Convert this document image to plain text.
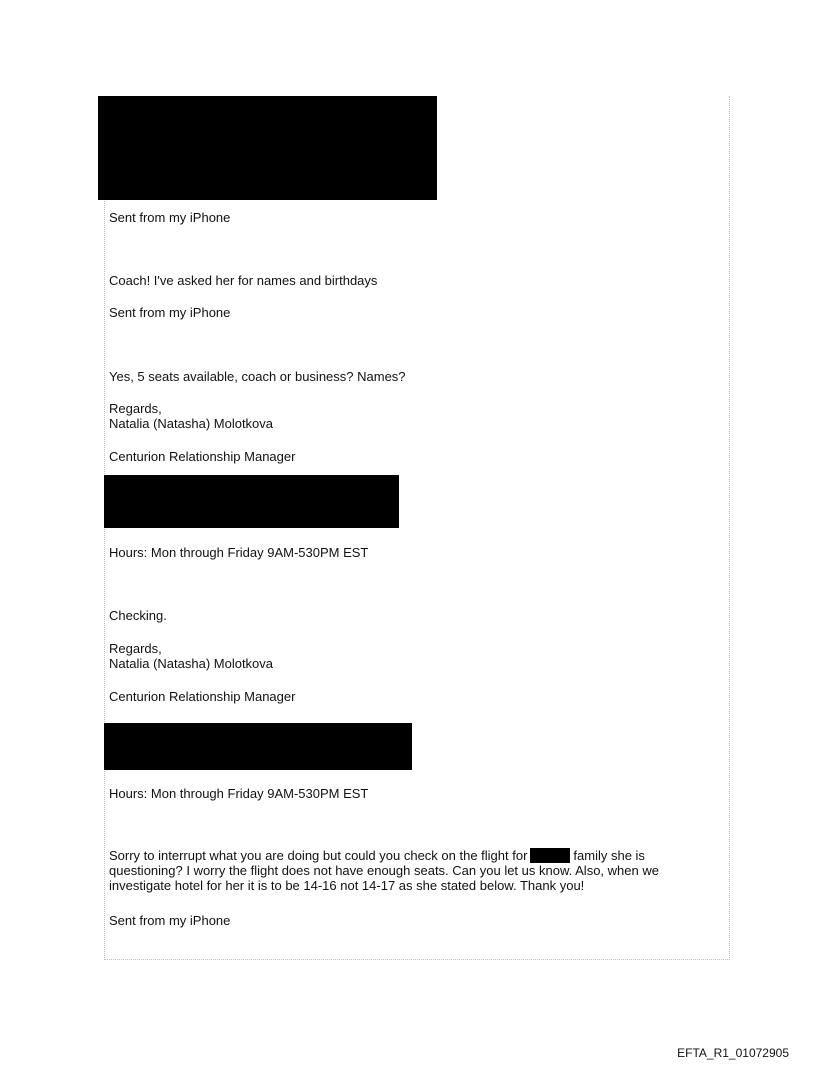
Sent from my iPhone
Coach! I've asked her for names and birthdays
Sent from my iPhone
Yes, 5 seats available, coach or business? Names?
Regards,
Natalia (Natasha) Molotkova
Centurion Relationship Manager
Hours: Mon through Friday 9AM-530PM EST
Checking.
Regards,
Natalia (Natasha) Molotkova
Centurion Relationship Manager
Hours: Mon through Friday 9AM-530PM EST
Sorry to interrupt what you are doing but could you check on the flight for	family she is questioning? I worry the flight does not have enough seats. Can you let us know. Also, when we investigate hotel for her it is to be 14-16 not 14-17 as she stated below. Thank you!
Sent from my iPhone
EFTA_R1_01072905
